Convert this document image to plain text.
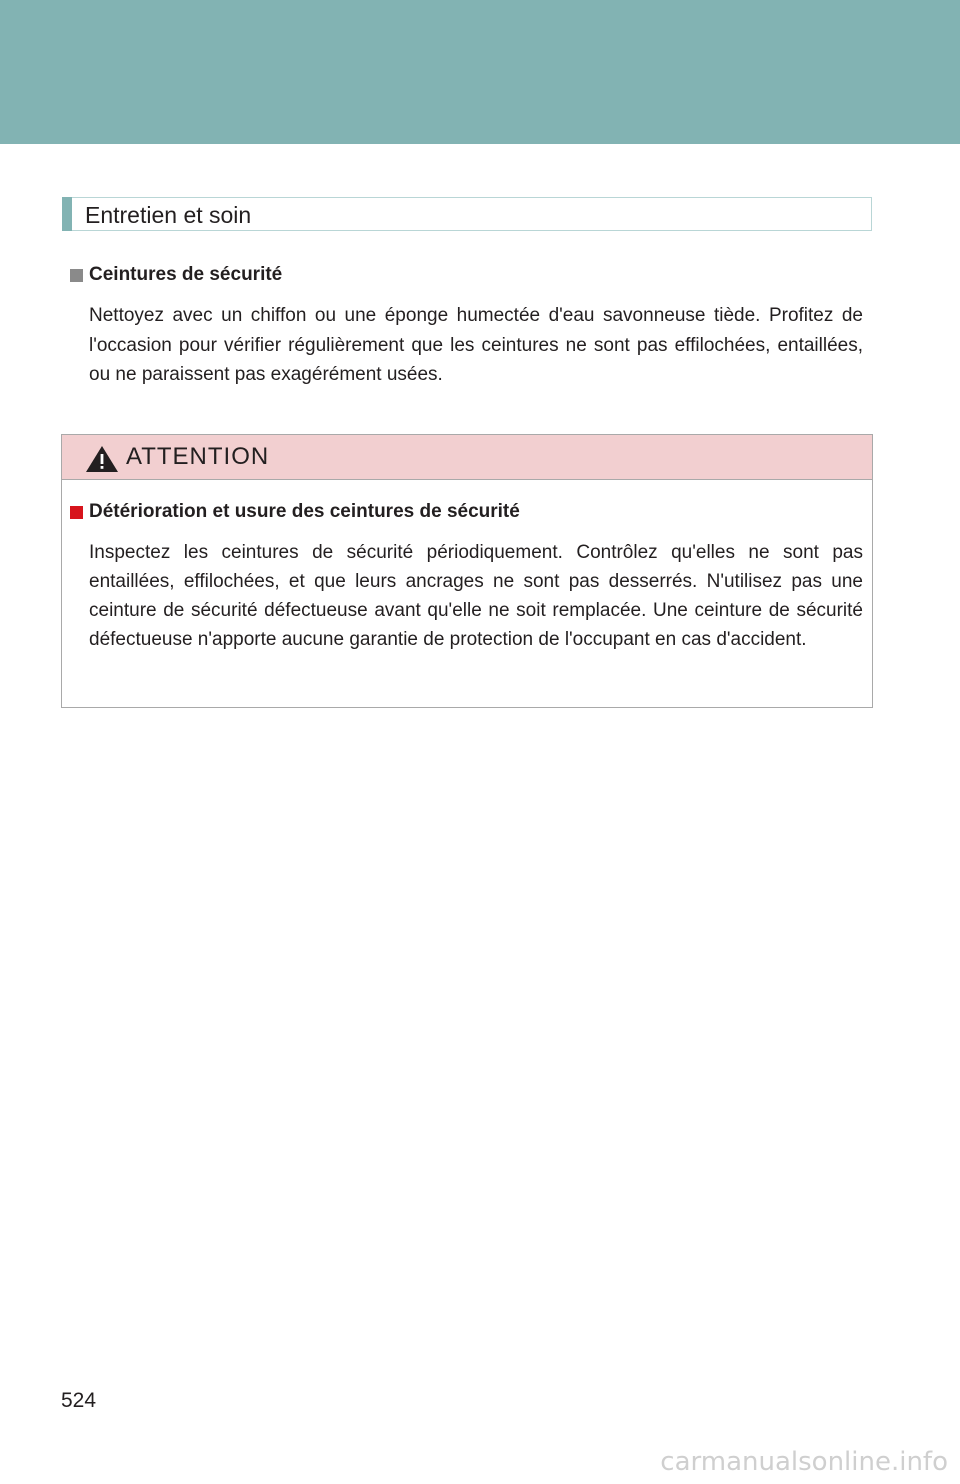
Entretien et soin
Ceintures de sécurité
Nettoyez avec un chiffon ou une éponge humectée d'eau savonneuse tiède. Profitez de l'occasion pour vérifier régulièrement que les ceintures ne sont pas effilochées, entaillées, ou ne paraissent pas exagérément usées.
ATTENTION
Détérioration et usure des ceintures de sécurité
Inspectez les ceintures de sécurité périodiquement. Contrôlez qu'elles ne sont pas entaillées, effilochées, et que leurs ancrages ne sont pas desserrés. N'utilisez pas une ceinture de sécurité défectueuse avant qu'elle ne soit remplacée. Une ceinture de sécurité défectueuse n'apporte aucune garantie de protection de l'occupant en cas d'accident.
524
carmanualsonline.info
